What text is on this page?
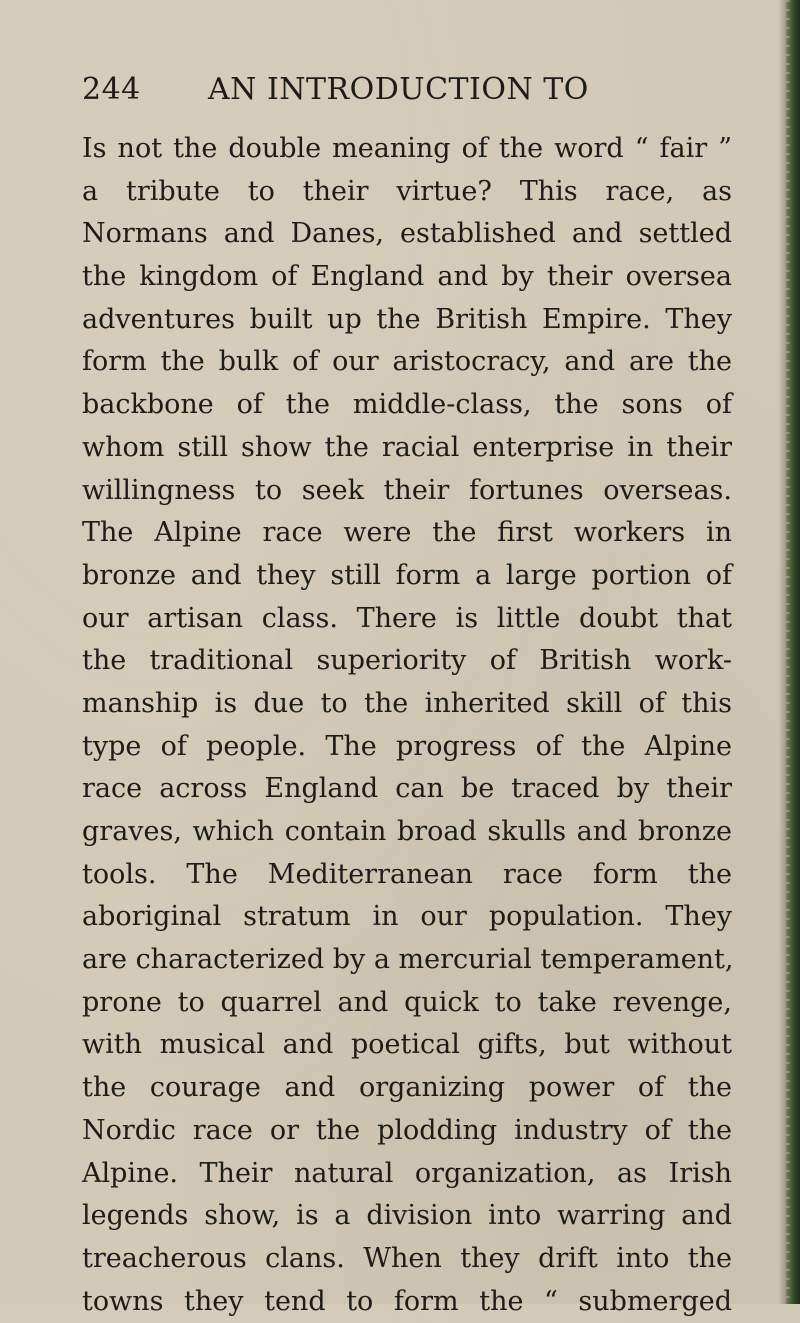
244 AN INTRODUCTION TO
Is not the double meaning of the word “ fair ”
a tribute to their virtue? This race, as
Normans and Danes, established and settled
the kingdom of England and by their oversea
adventures built up the British Empire. They
form the bulk of our aristocracy, and are the
backbone of the middle-class, the sons of
whom still show the racial enterprise in their
willingness to seek their fortunes overseas.
The Alpine race were the first workers in
bronze and they still form a large portion of
our artisan class. There is little doubt that
the traditional superiority of British work-
manship is due to the inherited skill of this
type of people. The progress of the Alpine
race across England can be traced by their
graves, which contain broad skulls and bronze
tools. The Mediterranean race form the
aboriginal stratum in our population. They
are characterized by a mercurial temperament,
prone to quarrel and quick to take revenge,
with musical and poetical gifts, but without
the courage and organizing power of the
Nordic race or the plodding industry of the
Alpine. Their natural organization, as Irish
legends show, is a division into warring and
treacherous clans. When they drift into the
towns they tend to form the “ submerged
